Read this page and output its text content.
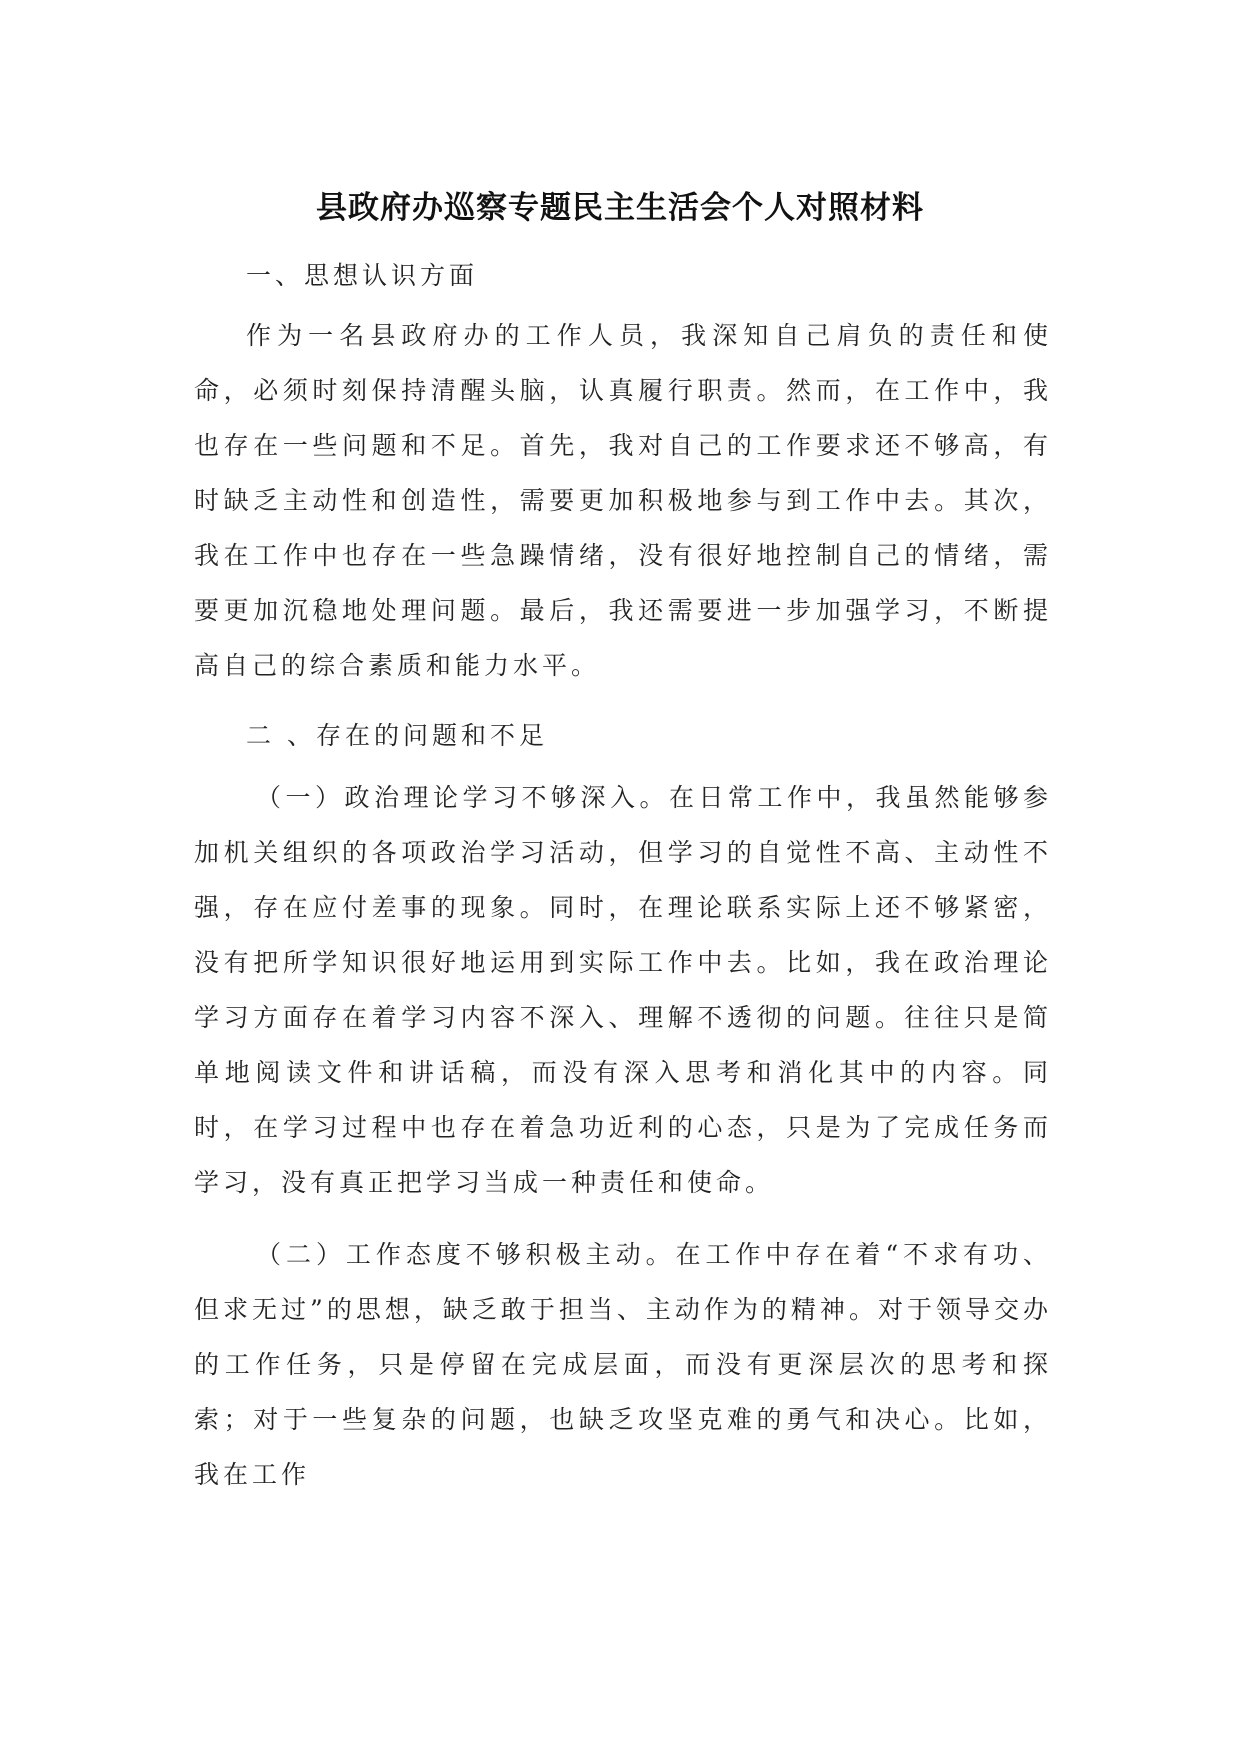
县政府办巡察专题民主生活会个人对照材料
一、思想认识方面
作为一名县政府办的工作人员，我深知自己肩负的责任和使命，必须时刻保持清醒头脑，认真履行职责。然而，在工作中，我也存在一些问题和不足。首先，我对自己的工作要求还不够高，有时缺乏主动性和创造性，需要更加积极地参与到工作中去。其次，我在工作中也存在一些急躁情绪，没有很好地控制自己的情绪，需要更加沉稳地处理问题。最后，我还需要进一步加强学习，不断提高自己的综合素质和能力水平。
二 、存在的问题和不足
（一）政治理论学习不够深入。在日常工作中，我虽然能够参加机关组织的各项政治学习活动，但学习的自觉性不高、主动性不强，存在应付差事的现象。同时，在理论联系实际上还不够紧密，没有把所学知识很好地运用到实际工作中去。比如，我在政治理论学习方面存在着学习内容不深入、理解不透彻的问题。往往只是简单地阅读文件和讲话稿，而没有深入思考和消化其中的内容。同时，在学习过程中也存在着急功近利的心态，只是为了完成任务而学习，没有真正把学习当成一种责任和使命。
（二）工作态度不够积极主动。在工作中存在着“不求有功、但求无过”的思想，缺乏敢于担当、主动作为的精神。对于领导交办的工作任务，只是停留在完成层面，而没有更深层次的思考和探索；对于一些复杂的问题，也缺乏攻坚克难的勇气和决心。比如，我在工作
